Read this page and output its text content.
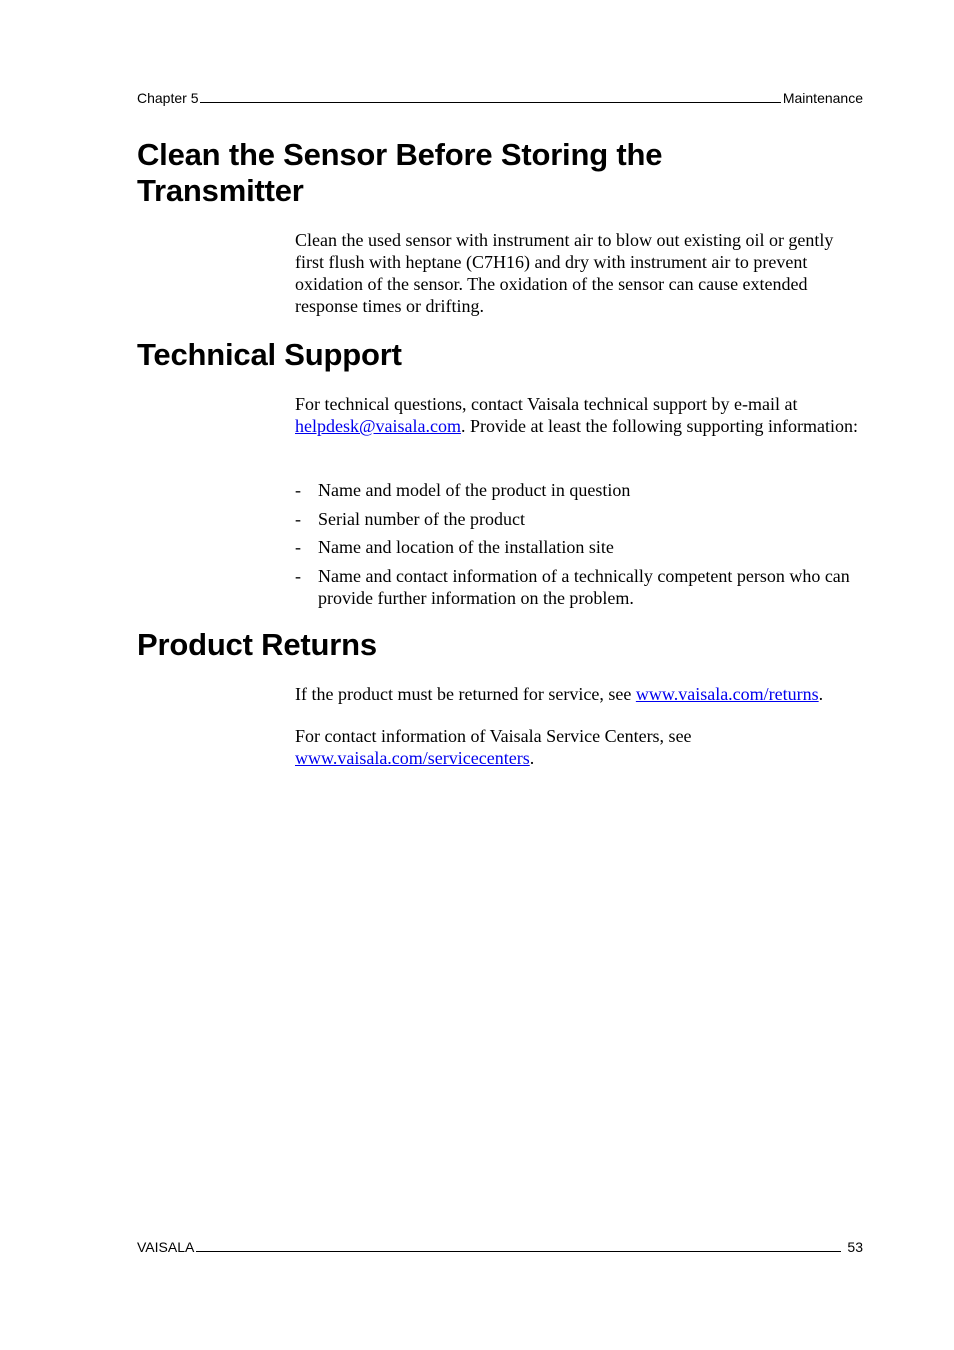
Chapter 5	Maintenance
Clean the Sensor Before Storing the Transmitter

Clean the used sensor with instrument air to blow out existing oil or gently first flush with heptane (C7H16) and dry with instrument air to prevent oxidation of the sensor. The oxidation of the sensor can cause extended response times or drifting.

Technical Support

For technical questions, contact Vaisala technical support by e-mail at helpdesk@vaisala.com. Provide at least the following supporting information:

- Name and model of the product in question
- Serial number of the product
- Name and location of the installation site
- Name and contact information of a technically competent person who can provide further information on the problem.
Product Returns

If the product must be returned for service, see www.vaisala.com/returns.

For contact information of Vaisala Service Centers, see
www.vaisala.com/servicecenters.

VAISALA	53
